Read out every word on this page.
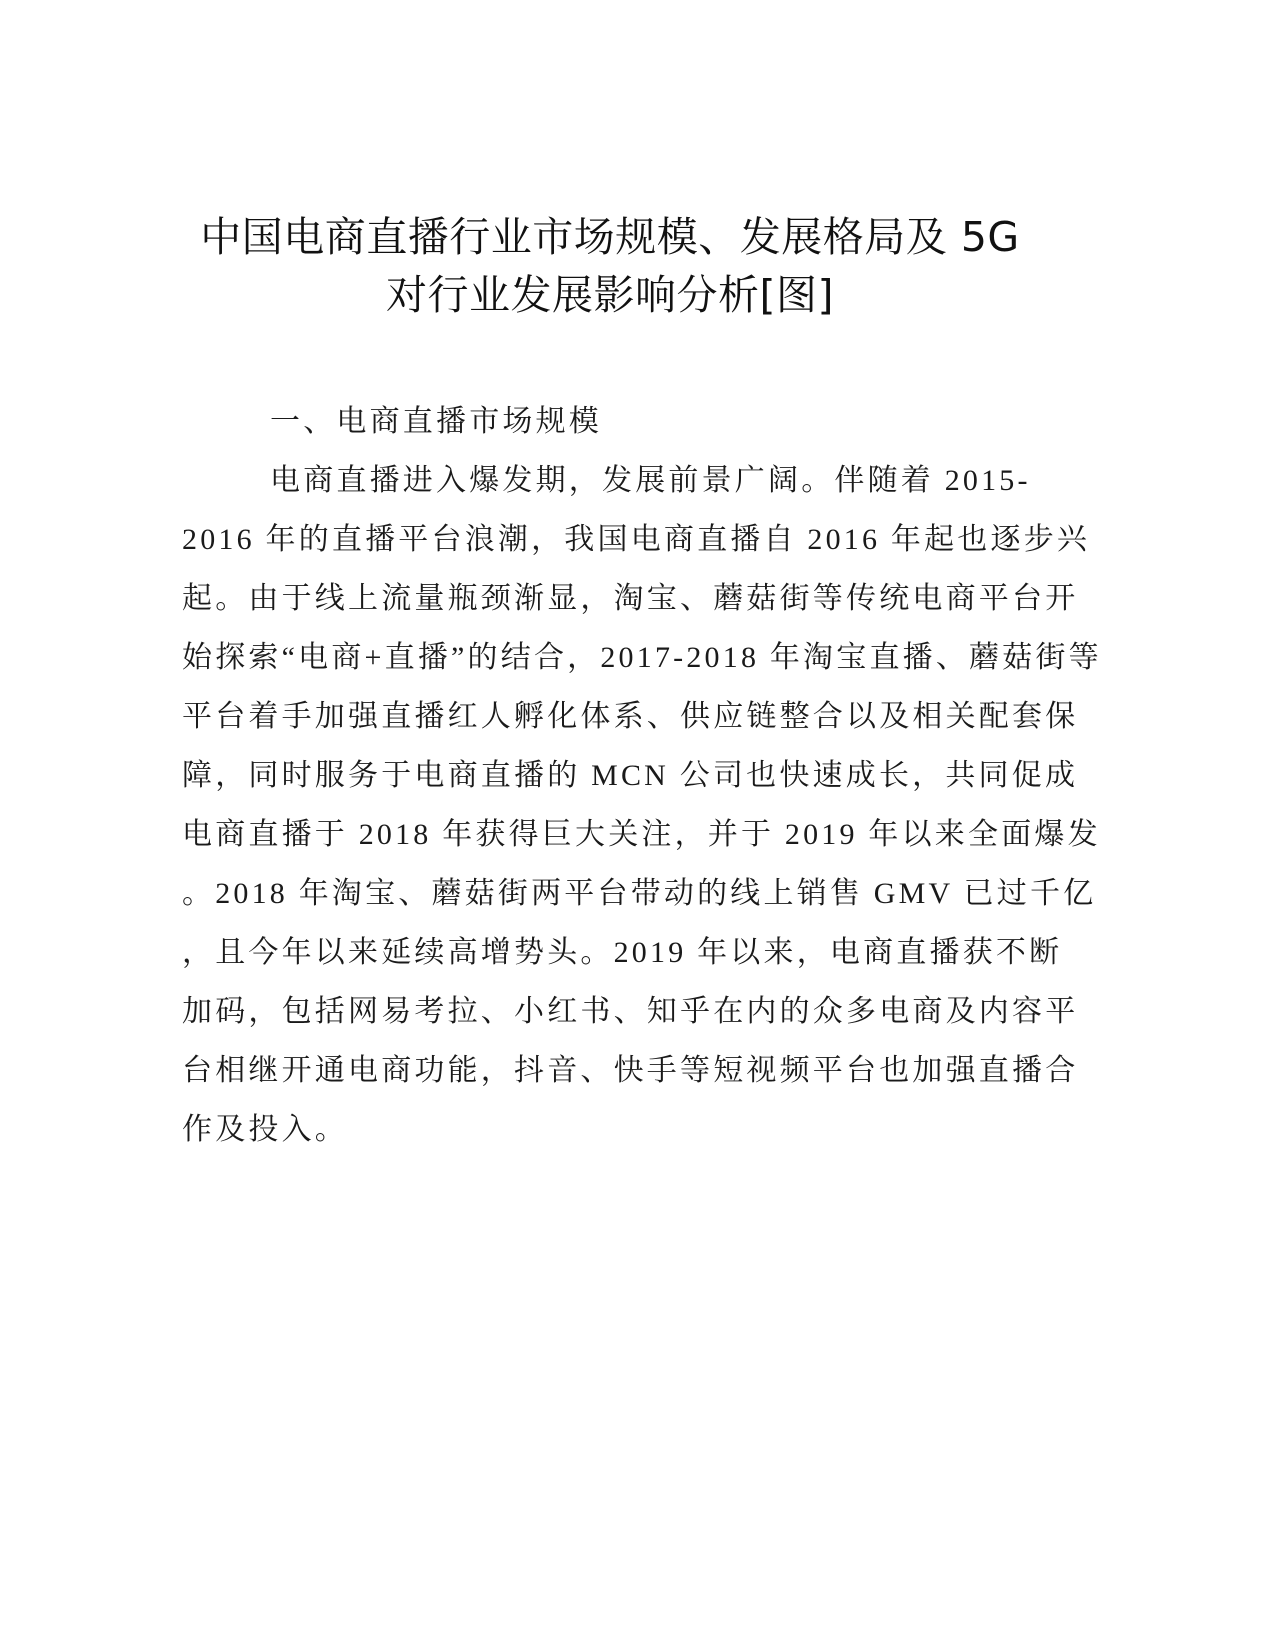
中国电商直播行业市场规模、发展格局及 5G
对行业发展影响分析[图]
一、电商直播市场规模
电商直播进入爆发期，发展前景广阔。伴随着 2015-
2016 年的直播平台浪潮，我国电商直播自 2016 年起也逐步兴
起。由于线上流量瓶颈渐显，淘宝、蘑菇街等传统电商平台开
始探索“电商+直播”的结合，2017-2018 年淘宝直播、蘑菇街等
平台着手加强直播红人孵化体系、供应链整合以及相关配套保
障，同时服务于电商直播的 MCN 公司也快速成长，共同促成
电商直播于 2018 年获得巨大关注，并于 2019 年以来全面爆发
。2018 年淘宝、蘑菇街两平台带动的线上销售 GMV 已过千亿
，且今年以来延续高增势头。2019 年以来，电商直播获不断
加码，包括网易考拉、小红书、知乎在内的众多电商及内容平
台相继开通电商功能，抖音、快手等短视频平台也加强直播合
作及投入。
